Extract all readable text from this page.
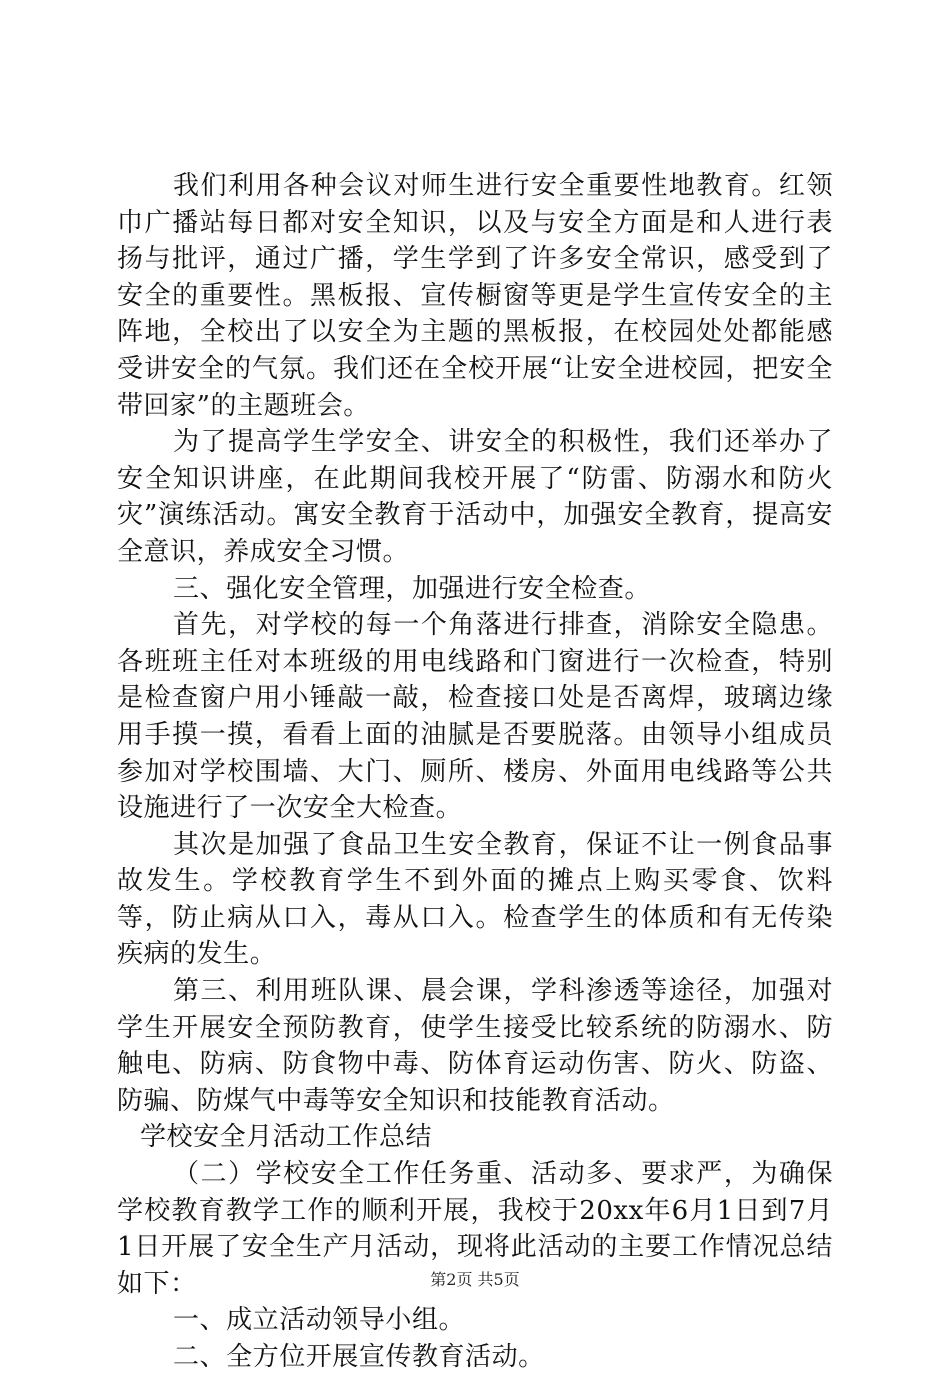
我们利用各种会议对师生进行安全重要性地教育。红领巾广播站每日都对安全知识，以及与安全方面是和人进行表扬与批评，通过广播，学生学到了许多安全常识，感受到了安全的重要性。黑板报、宣传橱窗等更是学生宣传安全的主阵地，全校出了以安全为主题的黑板报，在校园处处都能感受讲安全的气氛。我们还在全校开展“让安全进校园，把安全带回家”的主题班会。

为了提高学生学安全、讲安全的积极性，我们还举办了安全知识讲座，在此期间我校开展了“防雷、防溺水和防火灾”演练活动。寓安全教育于活动中，加强安全教育，提高安全意识，养成安全习惯。

三、强化安全管理，加强进行安全检查。

首先，对学校的每一个角落进行排查，消除安全隐患。各班班主任对本班级的用电线路和门窗进行一次检查，特别是检查窗户用小锤敲一敲，检查接口处是否离焊，玻璃边缘用手摸一摸，看看上面的油腻是否要脱落。由领导小组成员参加对学校围墙、大门、厕所、楼房、外面用电线路等公共设施进行了一次安全大检查。

其次是加强了食品卫生安全教育，保证不让一例食品事故发生。学校教育学生不到外面的摊点上购买零食、饮料等，防止病从口入，毒从口入。检查学生的体质和有无传染疾病的发生。

第三、利用班队课、晨会课，学科渗透等途径，加强对学生开展安全预防教育，使学生接受比较系统的防溺水、防触电、防病、防食物中毒、防体育运动伤害、防火、防盗、防骗、防煤气中毒等安全知识和技能教育活动。

学校安全月活动工作总结

（二）学校安全工作任务重、活动多、要求严，为确保学校教育教学工作的顺利开展，我校于20xx年6月1日到7月1日开展了安全生产月活动，现将此活动的主要工作情况总结如下：

一、成立活动领导小组。

二、全方位开展宣传教育活动。

第2页 共5页
